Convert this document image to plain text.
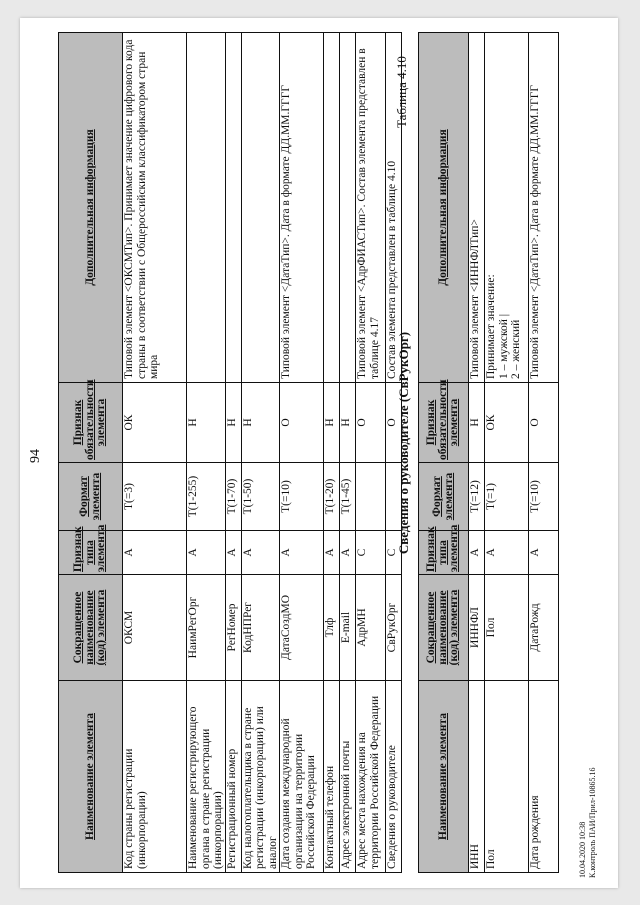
94
Наименование элемента	Сокращенное наименование (код) элемента	Признак типа элемента	Формат элемента	Признак обязательности элемента	Дополнительная информация
Код страны регистрации (инкорпорации)	ОКСМ	А	Т(=3)	ОК	Типовой элемент <ОКСМТип>. Принимает значение цифрового кода страны в соответствии с Общероссийским классификатором стран мира
Наименование регистрирующего органа в стране регистрации (инкорпорации)	НаимРегОрг	А	Т(1-255)	Н	
Регистрационный номер	РегНомер	А	Т(1-70)	Н	
Код налогоплательщика в стране регистрации (инкорпорации) или аналог	КодНПРег	А	Т(1-50)	Н	
Дата создания международной организации на территории Российской Федерации	ДатаСоздМО	А	Т(=10)	О	Типовой элемент <ДатаТип>. Дата в формате ДД.ММ.ГГГГ
Контактный телефон	Тлф	А	Т(1-20)	Н	
Адрес электронной почты	E-mail	А	Т(1-45)	Н	
Адрес места нахождения на территории Российской Федерации	АдрМН	С		О	Типовой элемент <АдрФИАСТип>. Состав элемента представлен в таблице 4.17
Сведения о руководителе	СвРукОрг	С		О	Состав элемента представлен в таблице 4.10
Таблица 4.10
Сведения о руководителе (СвРукОрг)
Наименование элемента	Сокращенное наименование (код) элемента	Признак типа элемента	Формат элемента	Признак обязательности элемента	Дополнительная информация
ИНН	ИННФЛ	А	Т(=12)	Н	Типовой элемент <ИННФЛТип>
Пол	Пол	А	Т(=1)	ОК	Принимает значение:
1 – мужской |
2 – женский
Дата рождения	ДатаРожд	А	Т(=10)	О	Типовой элемент <ДатаТип>. Дата в формате ДД.ММ.ГГГГ
10.04.2020 10:38 К.контроль ПАИ/Прил-10865.16
